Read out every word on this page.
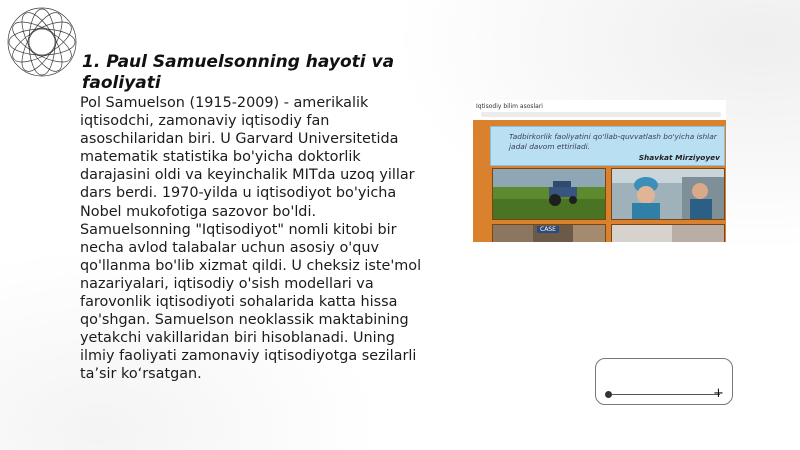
1. Paul Samuelsonning hayoti va faoliyati

Pol Samuelson (1915-2009) - amerikalik iqtisodchi, zamonaviy iqtisodiy fan asoschilaridan biri. U Garvard Universitetida matematik statistika bo'yicha doktorlik darajasini oldi va keyinchalik MITda uzoq yillar dars berdi. 1970-yilda u iqtisodiyot bo'yicha Nobel mukofotiga sazovor bo'ldi. Samuelsonning "Iqtisodiyot" nomli kitobi bir necha avlod talabalar uchun asosiy o'quv qo'llanma bo'lib xizmat qildi. U cheksiz iste'mol nazariyalari, iqtisodiy o'sish modellari va farovonlik iqtisodiyoti sohalarida katta hissa qo'shgan. Samuelson neoklassik maktabining yetakchi vakillaridan biri hisoblanadi. Uning ilmiy faoliyati zamonaviy iqtisodiyotga sezilarli ta’sir ko‘rsatgan.

Iqtisodiy bilim asoslari
Tadbirkorlik faoliyatini qo'llab-quvvatlash bo'yicha ishlar jadal davom ettiriladi.
Shavkat Mirziyoyev
CASE
+
